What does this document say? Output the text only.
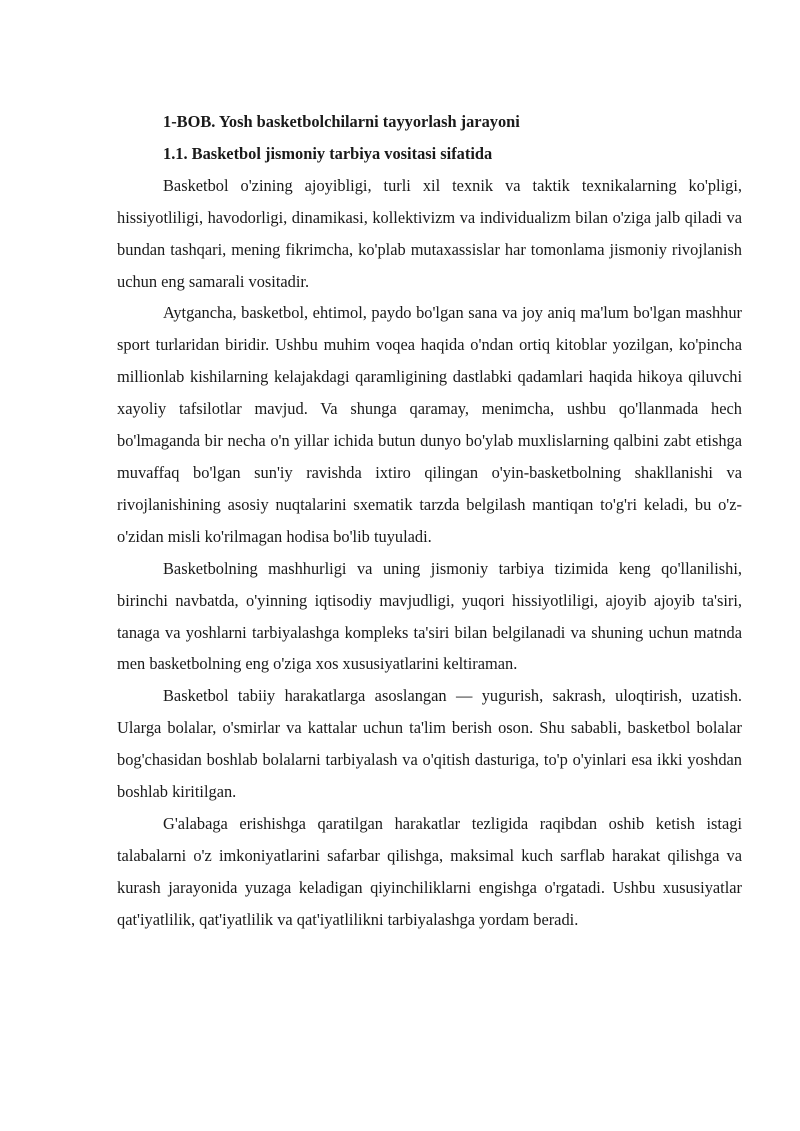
1-BOB. Yosh basketbolchilarni tayyorlash jarayoni

1.1. Basketbol jismoniy tarbiya vositasi sifatida

Basketbol o'zining ajoyibligi, turli xil texnik va taktik texnikalarning ko'pligi, hissiyotliligi, havodorligi, dinamikasi, kollektivizm va individualizm bilan o'ziga jalb qiladi va bundan tashqari, mening fikrimcha, ko'plab mutaxassislar har tomonlama jismoniy rivojlanish uchun eng samarali vositadir.

Aytgancha, basketbol, ehtimol, paydo bo'lgan sana va joy aniq ma'lum bo'lgan mashhur sport turlaridan biridir. Ushbu muhim voqea haqida o'ndan ortiq kitoblar yozilgan, ko'pincha millionlab kishilarning kelajakdagi qaramligining dastlabki qadamlari haqida hikoya qiluvchi xayoliy tafsilotlar mavjud. Va shunga qaramay, menimcha, ushbu qo'llanmada hech bo'lmaganda bir necha o'n yillar ichida butun dunyo bo'ylab muxlislarning qalbini zabt etishga muvaffaq bo'lgan sun'iy ravishda ixtiro qilingan o'yin-basketbolning shakllanishi va rivojlanishining asosiy nuqtalarini sxematik tarzda belgilash mantiqan to'g'ri keladi, bu o'z-o'zidan misli ko'rilmagan hodisa bo'lib tuyuladi.

Basketbolning mashhurligi va uning jismoniy tarbiya tizimida keng qo'llanilishi, birinchi navbatda, o'yinning iqtisodiy mavjudligi, yuqori hissiyotliligi, ajoyib ajoyib ta'siri, tanaga va yoshlarni tarbiyalashga kompleks ta'siri bilan belgilanadi va shuning uchun matnda men basketbolning eng o'ziga xos xususiyatlarini keltiraman.

Basketbol tabiiy harakatlarga asoslangan — yugurish, sakrash, uloqtirish, uzatish. Ularga bolalar, o'smirlar va kattalar uchun ta'lim berish oson. Shu sababli, basketbol bolalar bog'chasidan boshlab bolalarni tarbiyalash va o'qitish dasturiga, to'p o'yinlari esa ikki yoshdan boshlab kiritilgan.

G'alabaga erishishga qaratilgan harakatlar tezligida raqibdan oshib ketish istagi talabalarni o'z imkoniyatlarini safarbar qilishga, maksimal kuch sarflab harakat qilishga va kurash jarayonida yuzaga keladigan qiyinchiliklarni engishga o'rgatadi. Ushbu xususiyatlar qat'iyatlilik, qat'iyatlilik va qat'iyatlilikni tarbiyalashga yordam beradi.
